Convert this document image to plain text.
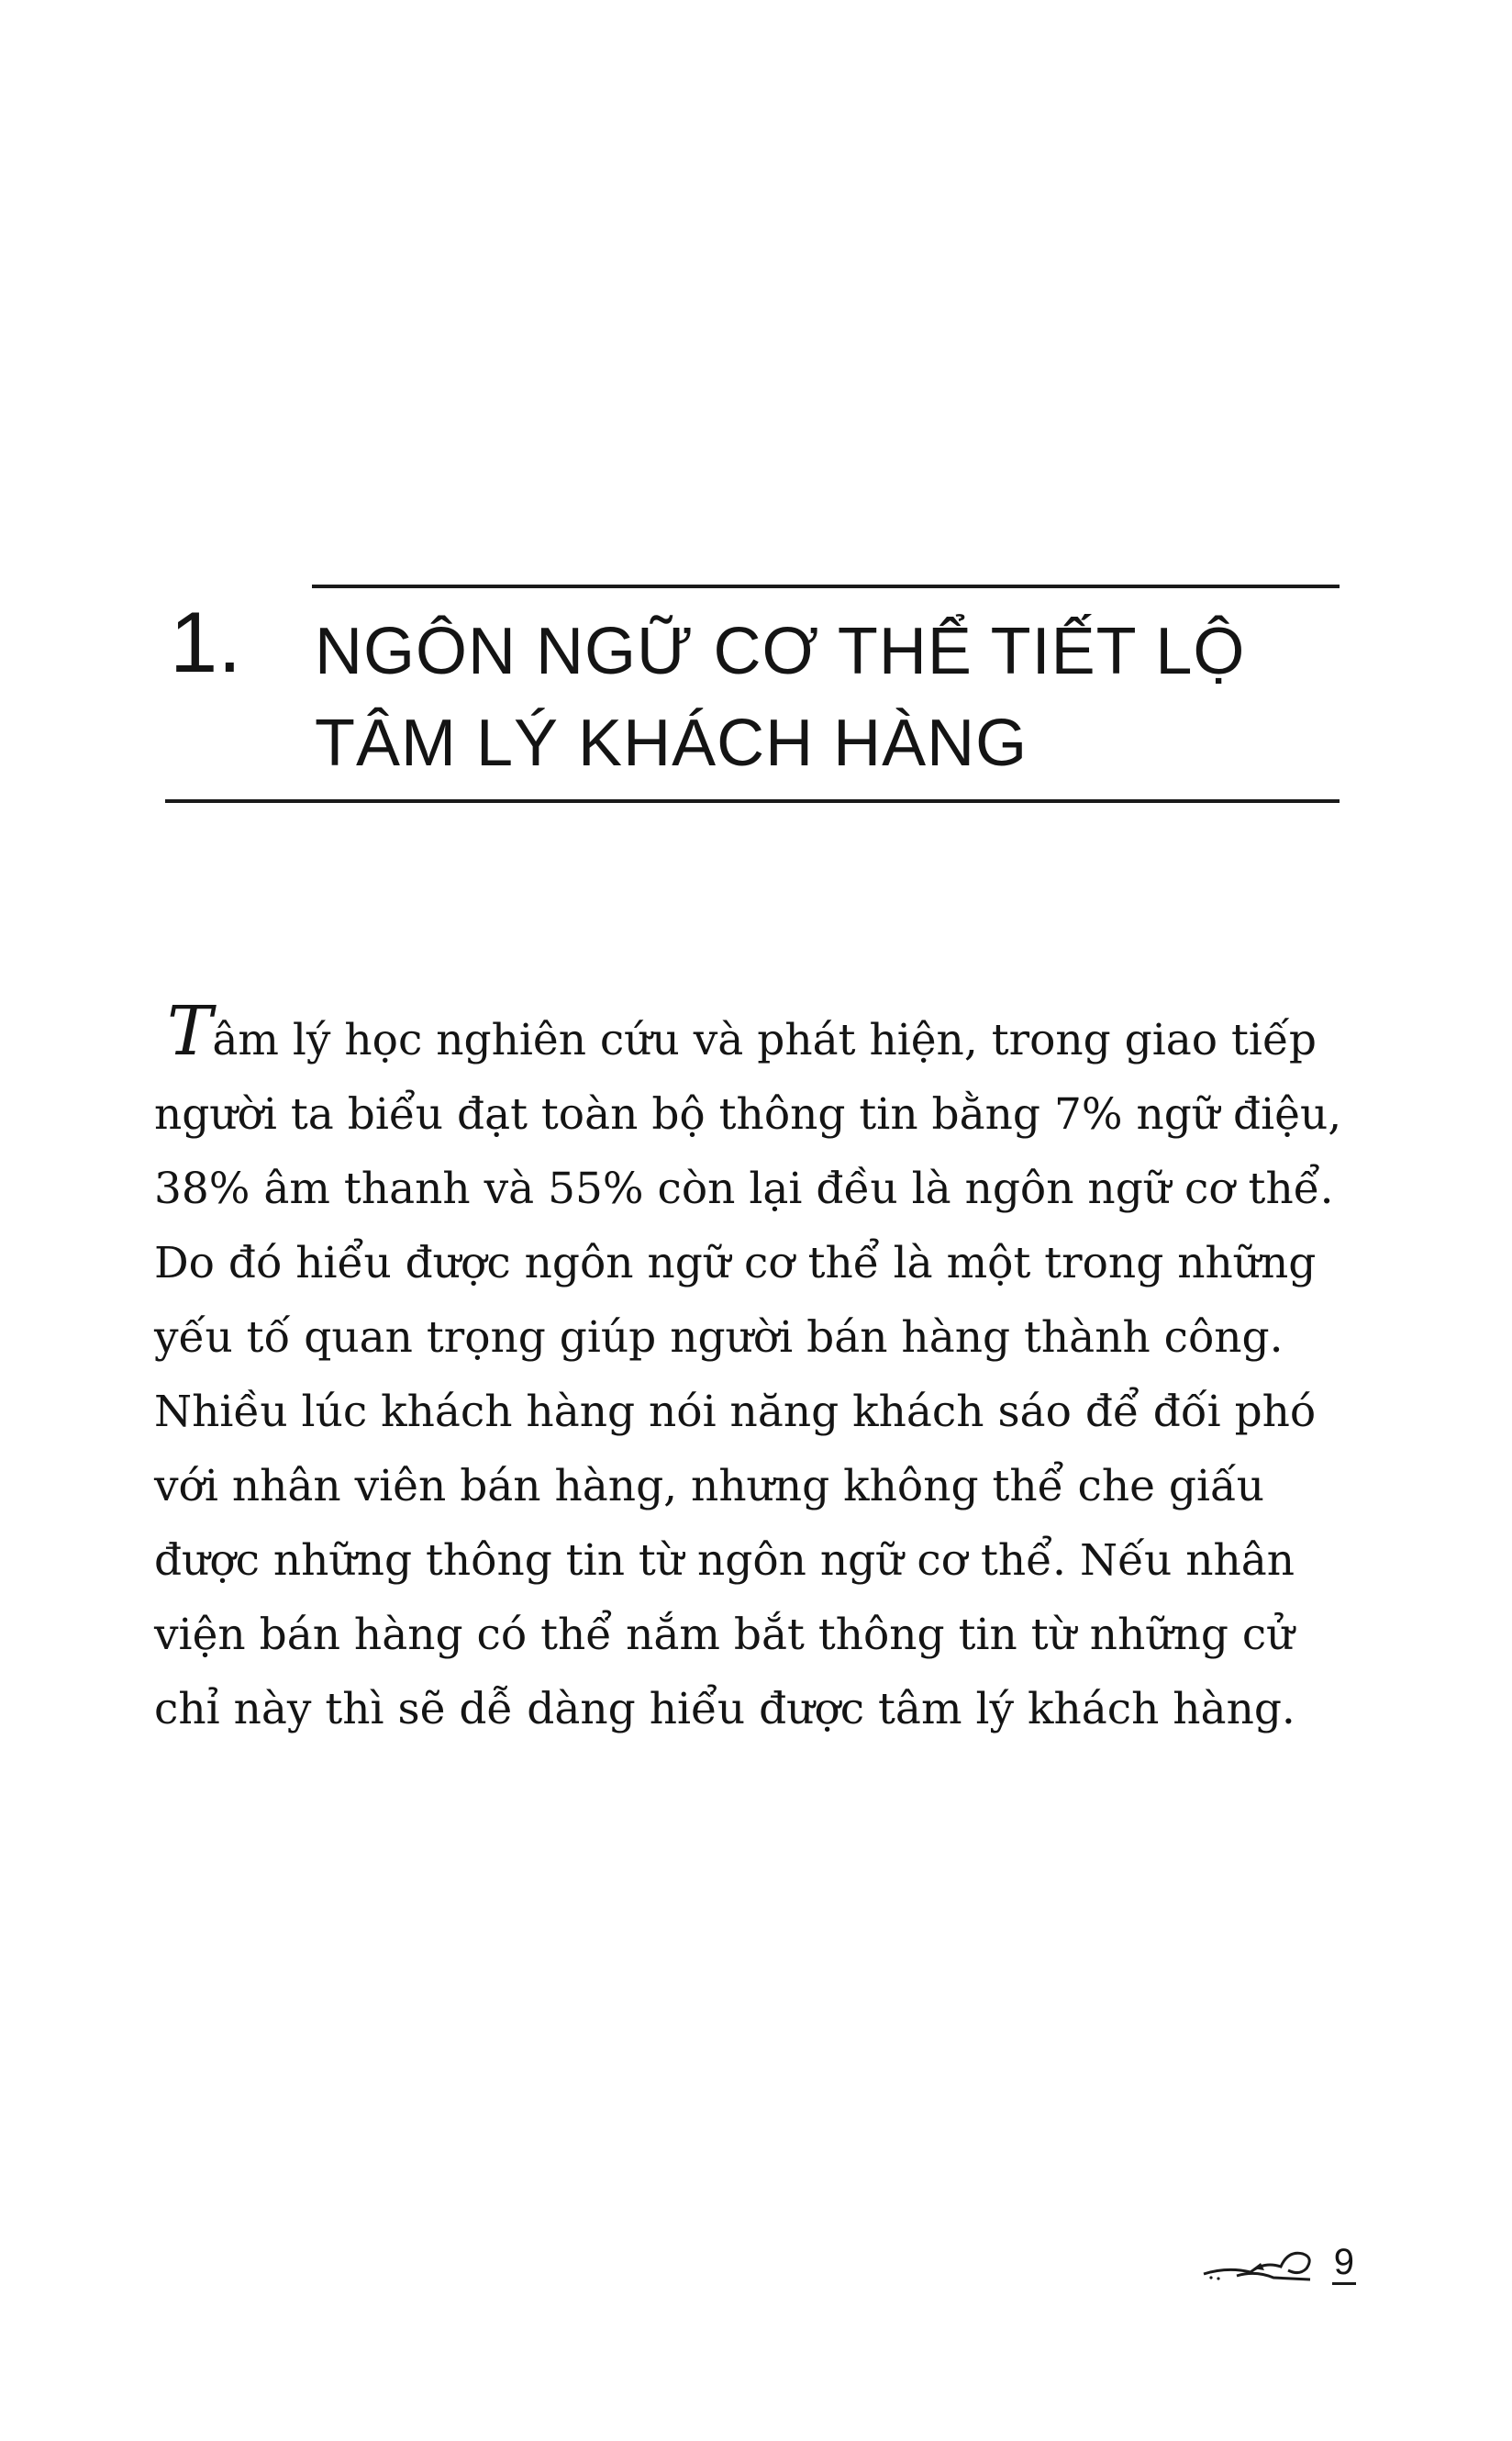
1. NGÔN NGỮ CƠ THỂ TIẾT LỘ
TÂM LÝ KHÁCH HÀNG

Tâm lý học nghiên cứu và phát hiện, trong giao tiếp
người ta biểu đạt toàn bộ thông tin bằng 7% ngữ điệu,
38% âm thanh và 55% còn lại đều là ngôn ngữ cơ thể.
Do đó hiểu được ngôn ngữ cơ thể là một trong những
yếu tố quan trọng giúp người bán hàng thành công.
Nhiều lúc khách hàng nói năng khách sáo để đối phó
với nhân viên bán hàng, nhưng không thể che giấu
được những thông tin từ ngôn ngữ cơ thể. Nếu nhân
viện bán hàng có thể nắm bắt thông tin từ những cử
chỉ này thì sẽ dễ dàng hiểu được tâm lý khách hàng.

9
